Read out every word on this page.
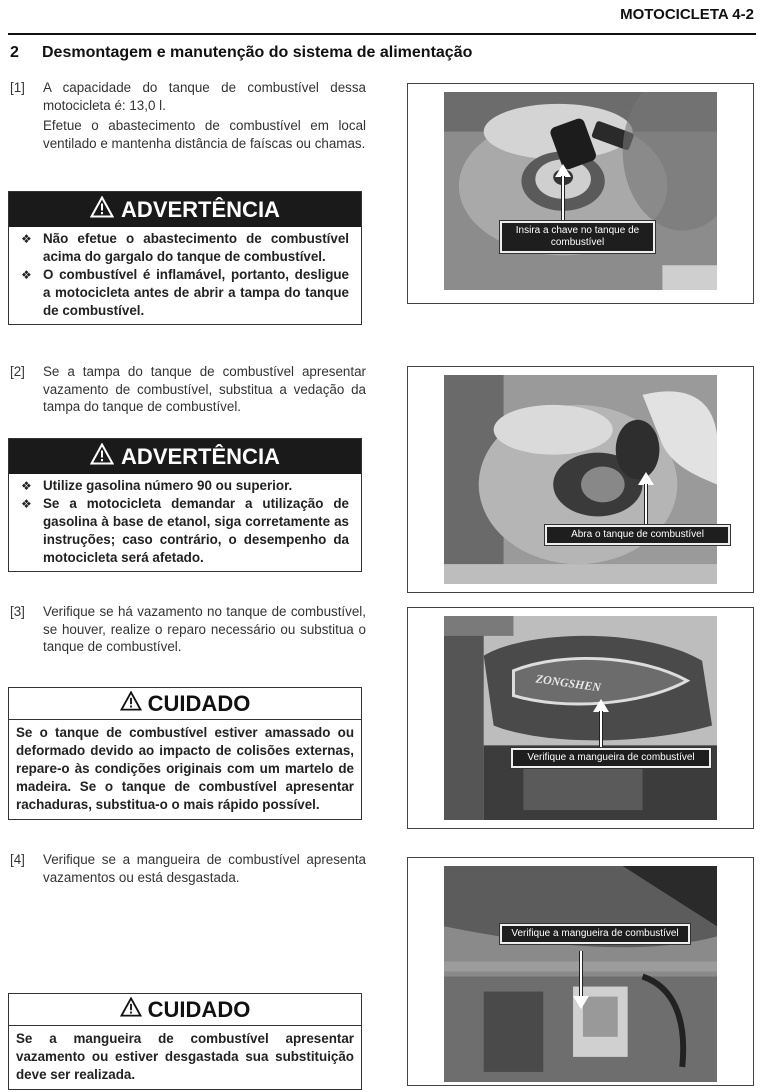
MOTOCICLETA 4-2
2 Desmontagem e manutenção do sistema de alimentação
[1] A capacidade do tanque de combustível dessa motocicleta é: 13,0 l.

Efetue o abastecimento de combustível em local ventilado e mantenha distância de faíscas ou chamas.

ADVERTÊNCIA
❖ Não efetue o abastecimento de combustível acima do gargalo do tanque de combustível.
❖ O combustível é inflamável, portanto, desligue a motocicleta antes de abrir a tampa do tanque de combustível.
[2] Se a tampa do tanque de combustível apresentar vazamento de combustível, substitua a vedação da tampa do tanque de combustível.

ADVERTÊNCIA
❖ Utilize gasolina número 90 ou superior.
❖ Se a motocicleta demandar a utilização de gasolina à base de etanol, siga corretamente as instruções; caso contrário, o desempenho da motocicleta será afetado.
[3] Verifique se há vazamento no tanque de combustível, se houver, realize o reparo necessário ou substitua o tanque de combustível.

CUIDADO
Se o tanque de combustível estiver amassado ou deformado devido ao impacto de colisões externas, repare-o às condições originais com um martelo de madeira. Se o tanque de combustível apresentar rachaduras, substitua-o o mais rápido possível.
[4] Verifique se a mangueira de combustível apresenta vazamentos ou está desgastada.

CUIDADO
Se a mangueira de combustível apresentar vazamento ou estiver desgastada sua substituição deve ser realizada.
Insira a chave no tanque de combustível
Abra o tanque de combustível
ZONGSHEN
Verifique a mangueira de combustível
Verifique a mangueira de combustível
